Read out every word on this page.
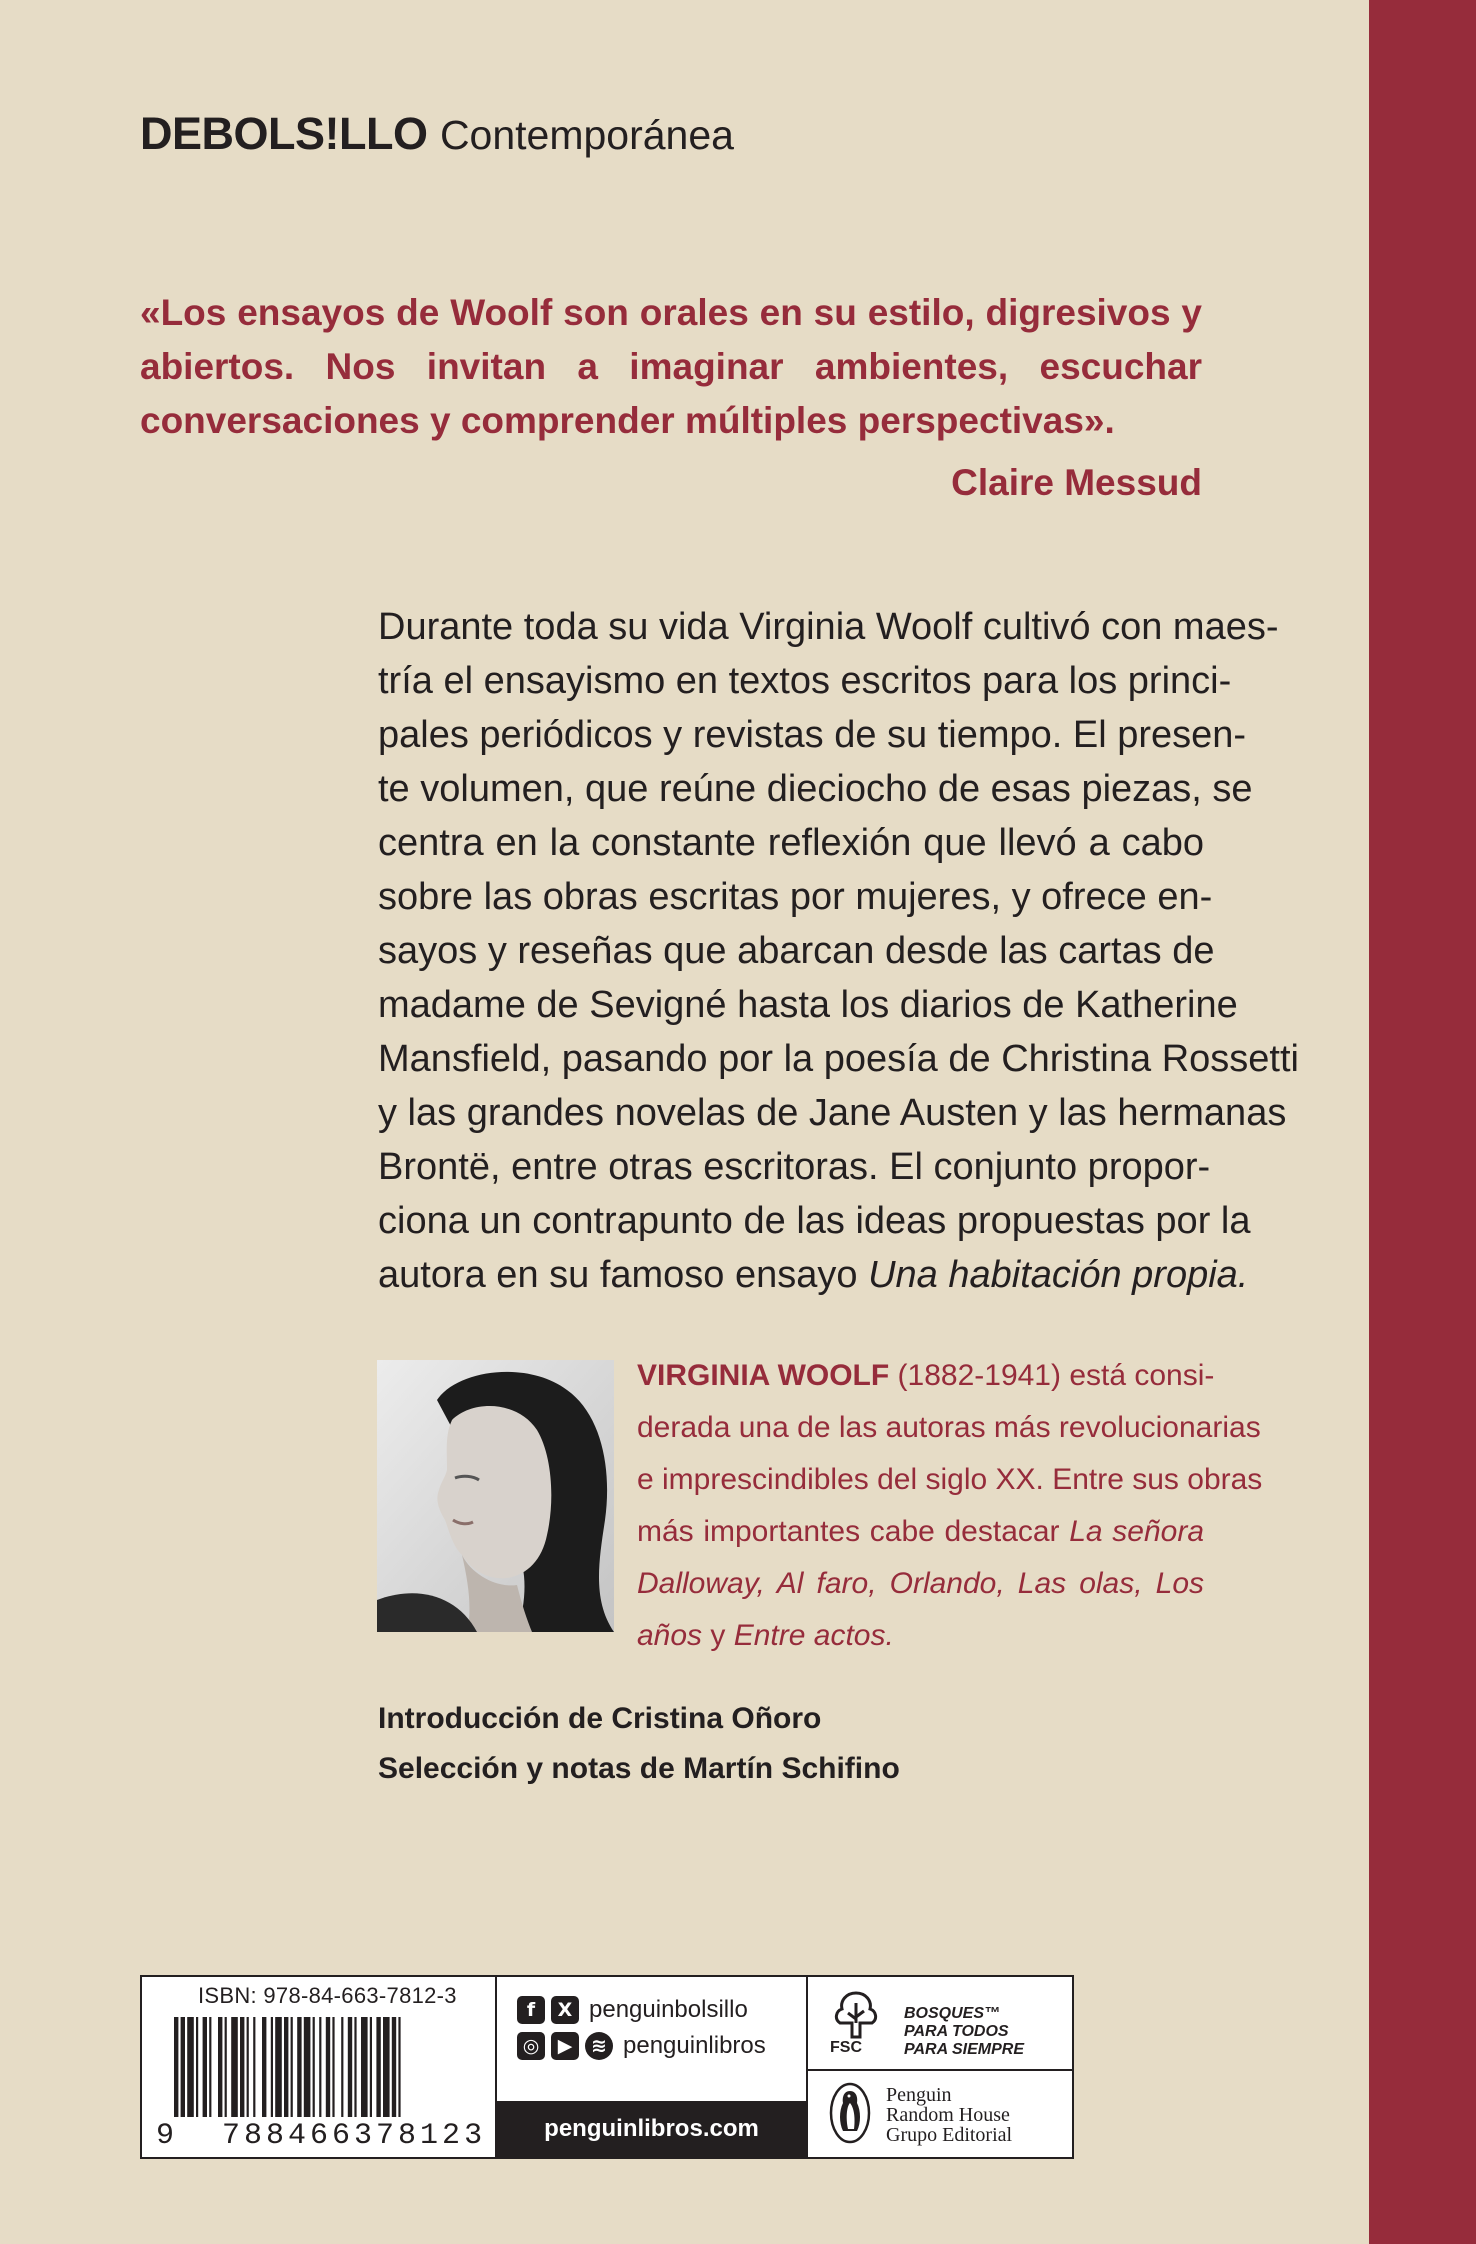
DEBOLS!LLO Contemporánea
«Los ensayos de Woolf son orales en su estilo, digresivos y abiertos. Nos invitan a imaginar ambientes, escuchar conversaciones y comprender múltiples perspectivas».
Claire Messud
Durante toda su vida Virginia Woolf cultivó con maes-
tría el ensayismo en textos escritos para los princi-
pales periódicos y revistas de su tiempo. El presen-
te volumen, que reúne dieciocho de esas piezas, se
centra en la constante reflexión que llevó a cabo
sobre las obras escritas por mujeres, y ofrece en-
sayos y reseñas que abarcan desde las cartas de
madame de Sevigné hasta los diarios de Katherine
Mansfield, pasando por la poesía de Christina Rossetti
y las grandes novelas de Jane Austen y las hermanas
Brontë, entre otras escritoras. El conjunto propor-
ciona un contrapunto de las ideas propuestas por la
autora en su famoso ensayo Una habitación propia.
VIRGINIA WOOLF (1882-1941) está consi-
derada una de las autoras más revolucionarias
e imprescindibles del siglo XX. Entre sus obras
más importantes cabe destacar La señora
Dalloway, Al faro, Orlando, Las olas, Los
años y Entre actos.
Introducción de Cristina Oñoro
Selección y notas de Martín Schifino
ISBN: 978-84-663-7812-3
9 788466378123
f	X penguinbolsillo
◎ ▶ ≋ penguinlibros
penguinlibros.com
FSC
BOSQUES™
PARA TODOS
PARA SIEMPRE
Penguin
Random House
Grupo Editorial
